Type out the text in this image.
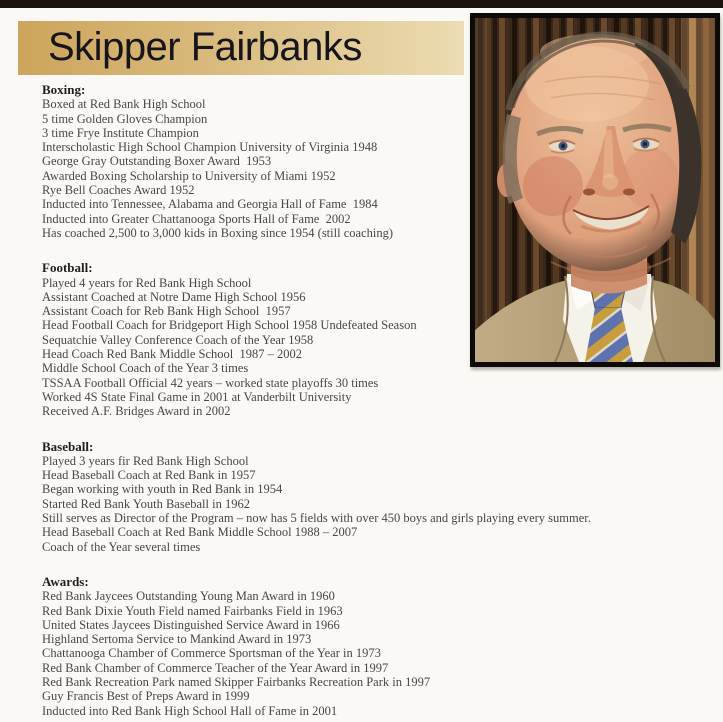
Skipper Fairbanks
Boxing:
Boxed at Red Bank High School
5 time Golden Gloves Champion
3 time Frye Institute Champion
Interscholastic High School Champion University of Virginia 1948
George Gray Outstanding Boxer Award  1953
Awarded Boxing Scholarship to University of Miami 1952
Rye Bell Coaches Award 1952
Inducted into Tennessee, Alabama and Georgia Hall of Fame  1984
Inducted into Greater Chattanooga Sports Hall of Fame  2002
Has coached 2,500 to 3,000 kids in Boxing since 1954 (still coaching)
Football:
Played 4 years for Red Bank High School
Assistant Coached at Notre Dame High School 1956
Assistant Coach for Reb Bank High School  1957
Head Football Coach for Bridgeport High School 1958 Undefeated Season
Sequatchie Valley Conference Coach of the Year 1958
Head Coach Red Bank Middle School  1987 – 2002
Middle School Coach of the Year 3 times
TSSAA Football Official 42 years – worked state playoffs 30 times
Worked 4S State Final Game in 2001 at Vanderbilt University
Received A.F. Bridges Award in 2002
Baseball:
Played 3 years fir Red Bank High School
Head Baseball Coach at Red Bank in 1957
Began working with youth in Red Bank in 1954
Started Red Bank Youth Baseball in 1962
Still serves as Director of the Program – now has 5 fields with over 450 boys and girls playing every summer.
Head Baseball Coach at Red Bank Middle School 1988 – 2007
Coach of the Year several times
Awards:
Red Bank Jaycees Outstanding Young Man Award in 1960
Red Bank Dixie Youth Field named Fairbanks Field in 1963
United States Jaycees Distinguished Service Award in 1966
Highland Sertoma Service to Mankind Award in 1973
Chattanooga Chamber of Commerce Sportsman of the Year in 1973
Red Bank Chamber of Commerce Teacher of the Year Award in 1997
Red Bank Recreation Park named Skipper Fairbanks Recreation Park in 1997
Guy Francis Best of Preps Award in 1999
Inducted into Red Bank High School Hall of Fame in 2001
